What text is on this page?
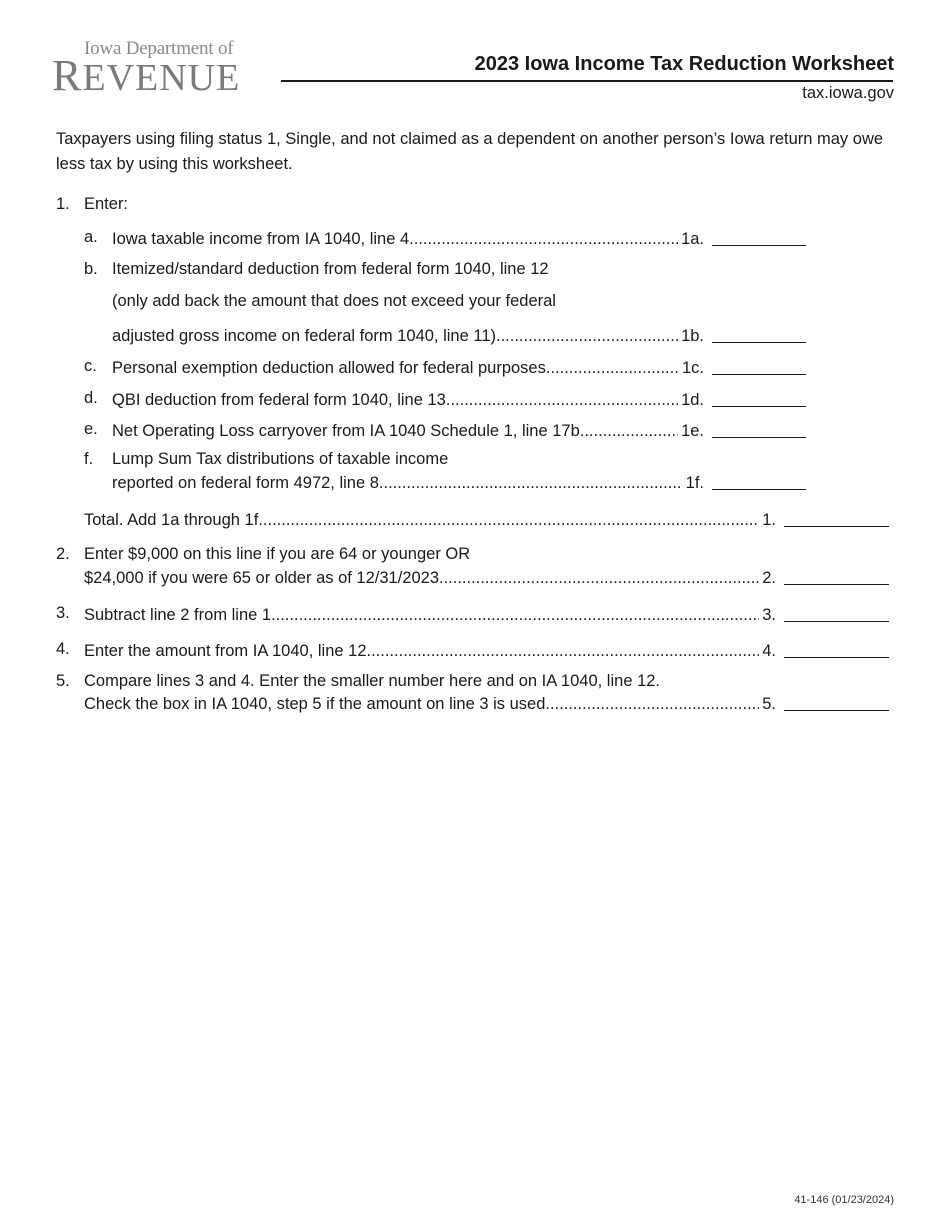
Iowa Department of
REVENUE	2023 Iowa Income Tax Reduction Worksheet
tax.iowa.gov

Taxpayers using filing status 1, Single, and not claimed as a dependent on another person’s Iowa return may owe less tax by using this worksheet.

1. Enter:
a. Iowa taxable income from IA 1040, line 4 .....	1a.
b. Itemized/standard deduction from federal form 1040, line 12
(only add back the amount that does not exceed your federal
adjusted gross income on federal form 1040, line 11) .....	1b.
c. Personal exemption deduction allowed for federal purposes .....	1c.
d. QBI deduction from federal form 1040, line 13 .....	1d.
e. Net Operating Loss carryover from IA 1040 Schedule 1, line 17b .....	1e.
f. Lump Sum Tax distributions of taxable income
reported on federal form 4972, line 8 .....	1f.
Total. Add 1a through 1f .....	1.
2. Enter $9,000 on this line if you are 64 or younger OR
$24,000 if you were 65 or older as of 12/31/2023 .....	2.
3. Subtract line 2 from line 1 .....	3.
4. Enter the amount from IA 1040, line 12 .....	4.
5. Compare lines 3 and 4. Enter the smaller number here and on IA 1040, line 12.
Check the box in IA 1040, step 5 if the amount on line 3 is used .....	5.
41-146 (01/23/2024)
